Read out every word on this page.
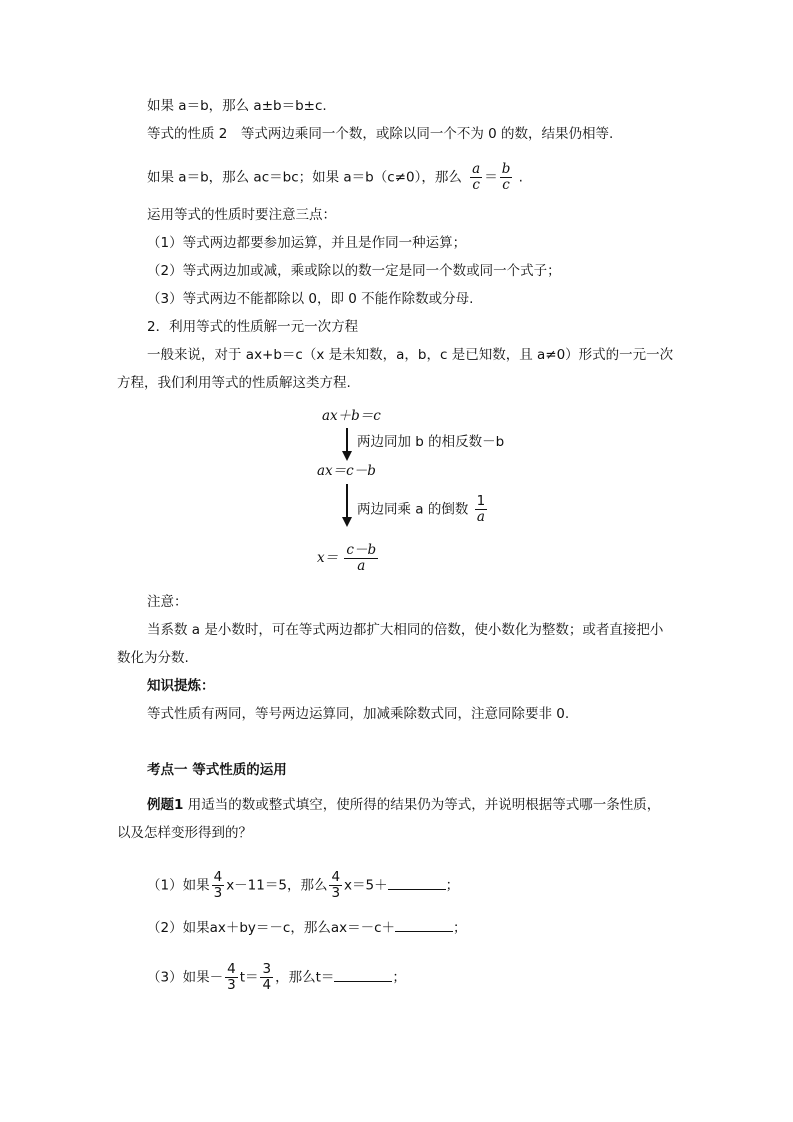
如果 a＝b，那么 a±b＝b±c.
等式的性质 2　等式两边乘同一个数，或除以同一个不为 0 的数，结果仍相等.
如果 a＝b，那么 ac＝bc；如果 a＝b（c≠0），那么 $\frac{a}{c} = \frac{b}{c}$ .
运用等式的性质时要注意三点：
（1）等式两边都要参加运算，并且是作同一种运算；
（2）等式两边加或减，乘或除以的数一定是同一个数或同一个式子；
（3）等式两边不能都除以 0，即 0 不能作除数或分母.
2．利用等式的性质解一元一次方程
一般来说，对于 ax+b＝c（x 是未知数，a，b，c 是已知数，且 a≠0）形式的一元一次
方程，我们利用等式的性质解这类方程.
ax＋b＝c
两边同加 b 的相反数－b
ax＝c－b
两边同乘 a 的倒数 $\frac{1}{a}$
$x= \frac{c-b}{a}$
注意：
当系数 a 是小数时，可在等式两边都扩大相同的倍数，使小数化为整数；或者直接把小
数化为分数.
知识提炼：
等式性质有两同，等号两边运算同，加减乘除数式同，注意同除要非 0.
考点一 等式性质的运用
例题1 用适当的数或整式填空，使所得的结果仍为等式，并说明根据等式哪一条性质，
以及怎样变形得到的？
（1）如果 $\frac{4}{3} x-11=5$，那么 $\frac{4}{3} x=5+$	；
（2）如果ax＋by＝－c，那么ax＝－c＋	；
（3）如果－ $\frac{4}{3} t= \frac{3}{4}$ ，那么t＝	；
